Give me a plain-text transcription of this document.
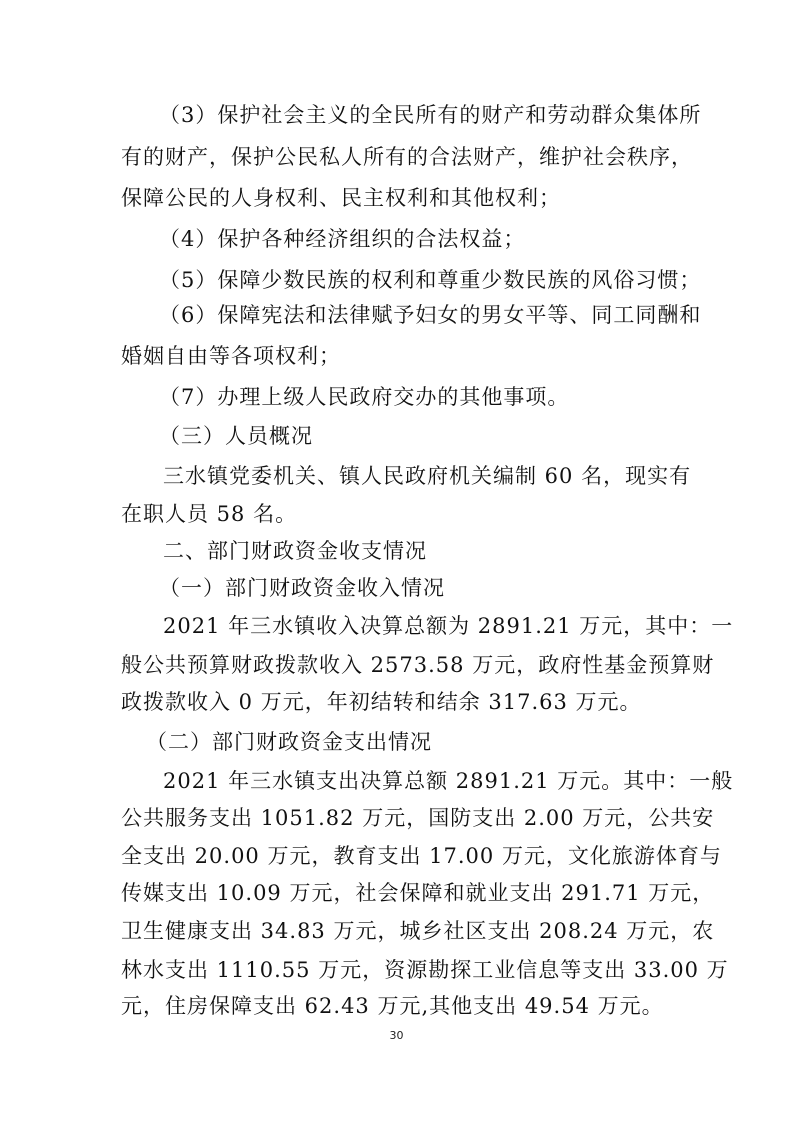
（3）保护社会主义的全民所有的财产和劳动群众集体所
有的财产，保护公民私人所有的合法财产，维护社会秩序，
保障公民的人身权利、民主权利和其他权利；
（4）保护各种经济组织的合法权益；
（5）保障少数民族的权利和尊重少数民族的风俗习惯；
（6）保障宪法和法律赋予妇女的男女平等、同工同酬和
婚姻自由等各项权利；
（7）办理上级人民政府交办的其他事项。
（三）人员概况
三水镇党委机关、镇人民政府机关编制 60 名，现实有
在职人员 58 名。
二、部门财政资金收支情况
（一）部门财政资金收入情况
2021 年三水镇收入决算总额为 2891.21 万元，其中：一
般公共预算财政拨款收入 2573.58 万元，政府性基金预算财
政拨款收入 0 万元，年初结转和结余 317.63 万元。
（二）部门财政资金支出情况
2021 年三水镇支出决算总额 2891.21 万元。其中：一般
公共服务支出 1051.82 万元，国防支出 2.00 万元，公共安
全支出 20.00 万元，教育支出 17.00 万元，文化旅游体育与
传媒支出 10.09 万元，社会保障和就业支出 291.71 万元，
卫生健康支出 34.83 万元，城乡社区支出 208.24 万元，农
林水支出 1110.55 万元，资源勘探工业信息等支出 33.00 万
元，住房保障支出 62.43 万元,其他支出 49.54 万元。
30
